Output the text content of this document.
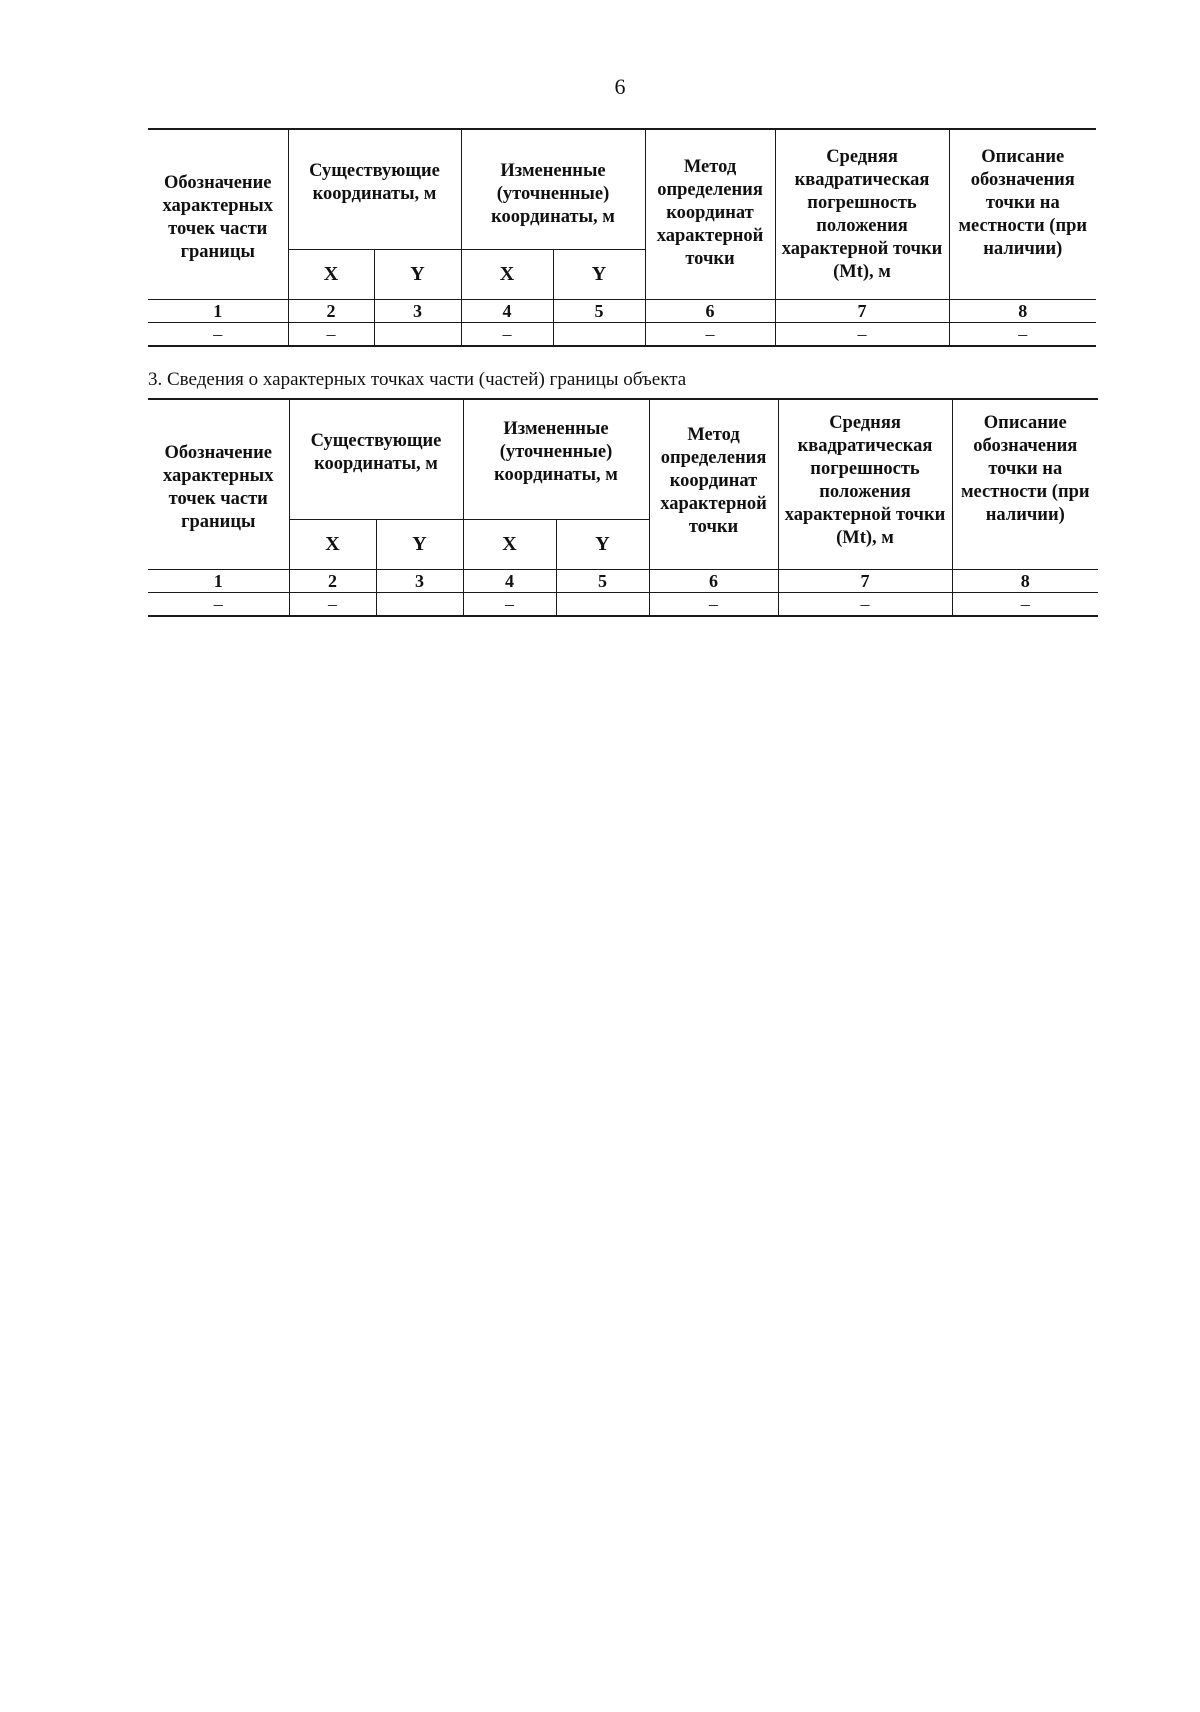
6
Обозначение характерных точек части границы	Существующие координаты, м		Измененные (уточненные) координаты, м		Метод определения координат характерной точки	Средняя квадратическая погрешность положения характерной точки (Mt), м	Описание обозначения точки на местности (при наличии)
	X	Y	X	Y			
1	2	3	4	5	6	7	8
–	–		–		–	–	–
3. Сведения о характерных точках части (частей) границы объекта
Обозначение характерных точек части границы	Существующие координаты, м		Измененные (уточненные) координаты, м		Метод определения координат характерной точки	Средняя квадратическая погрешность положения характерной точки (Mt), м	Описание обозначения точки на местности (при наличии)
	X	Y	X	Y			
1	2	3	4	5	6	7	8
–	–		–		–	–	–
